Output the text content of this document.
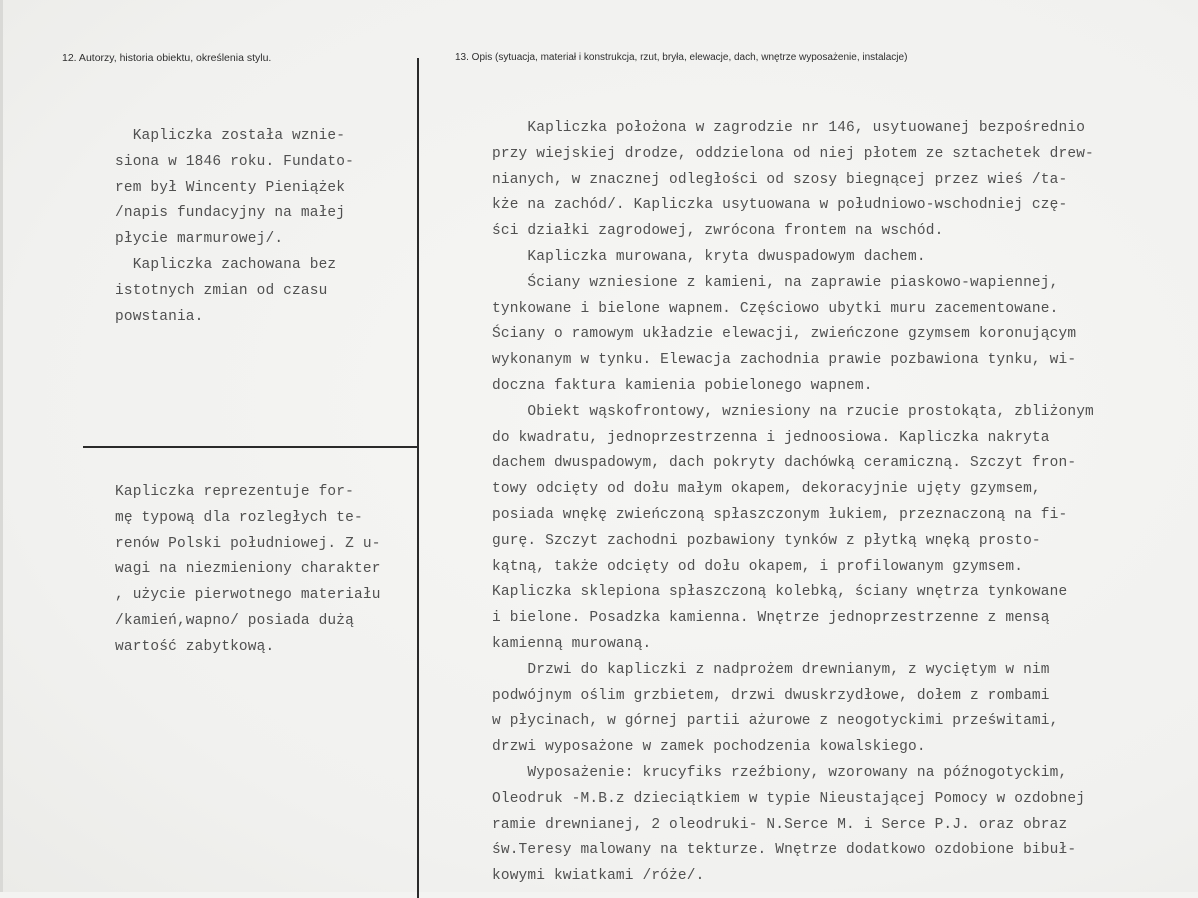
12. Autorzy, historia obiektu, określenia stylu.	13. Opis (sytuacja, materiał i konstrukcja, rzut, bryła, elewacje, dach, wnętrze wyposażenie, instalacje)
Kapliczka została wznie-
siona w 1846 roku. Fundato-
rem był Wincenty Pieniążek
/napis fundacyjny na małej
płycie marmurowej/.
Kapliczka zachowana bez
istotnych zmian od czasu
powstania.
Kapliczka reprezentuje for-
mę typową dla rozległych te-
renów Polski południowej. Z u-
wagi na niezmieniony charakter
, użycie pierwotnego materiału
/kamień,wapno/ posiada dużą
wartość zabytkową.
Kapliczka położona w zagrodzie nr 146, usytuowanej bezpośrednio
przy wiejskiej drodze, oddzielona od niej płotem ze sztachetek drew-
nianych, w znacznej odległości od szosy biegnącej przez wieś /ta-
kże na zachód/. Kapliczka usytuowana w południowo-wschodniej czę-
ści działki zagrodowej, zwrócona frontem na wschód.
Kapliczka murowana, kryta dwuspadowym dachem.
Ściany wzniesione z kamieni, na zaprawie piaskowo-wapiennej,
tynkowane i bielone wapnem. Częściowo ubytki muru zacementowane.
Ściany o ramowym układzie elewacji, zwieńczone gzymsem koronującym
wykonanym w tynku. Elewacja zachodnia prawie pozbawiona tynku, wi-
doczna faktura kamienia pobielonego wapnem.
Obiekt wąskofrontowy, wzniesiony na rzucie prostokąta, zbliżonym
do kwadratu, jednoprzestrzenna i jednoosiowa. Kapliczka nakryta
dachem dwuspadowym, dach pokryty dachówką ceramiczną. Szczyt fron-
towy odcięty od dołu małym okapem, dekoracyjnie ujęty gzymsem,
posiada wnękę zwieńczoną spłaszczonym łukiem, przeznaczoną na fi-
gurę. Szczyt zachodni pozbawiony tynków z płytką wnęką prosto-
kątną, także odcięty od dołu okapem, i profilowanym gzymsem.
Kapliczka sklepiona spłaszczoną kolebką, ściany wnętrza tynkowane
i bielone. Posadzka kamienna. Wnętrze jednoprzestrzenne z mensą
kamienną murowaną.
Drzwi do kapliczki z nadprożem drewnianym, z wyciętym w nim
podwójnym oślim grzbietem, drzwi dwuskrzydłowe, dołem z rombami
w płycinach, w górnej partii ażurowe z neogotyckimi prześwitami,
drzwi wyposażone w zamek pochodzenia kowalskiego.
Wyposażenie: krucyfiks rzeźbiony, wzorowany na późnogotyckim,
Oleodruk -M.B.z dzieciątkiem w typie Nieustającej Pomocy w ozdobnej
ramie drewnianej, 2 oleodruki- N.Serce M. i Serce P.J. oraz obraz
św.Teresy malowany na tekturze. Wnętrze dodatkowo ozdobione bibuł-
kowymi kwiatkami /róże/.
